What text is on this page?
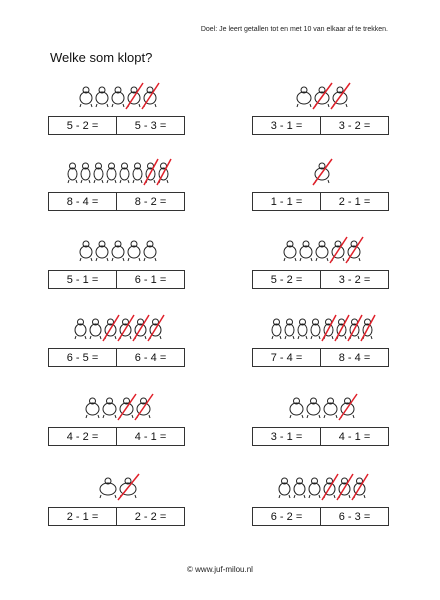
Doel: Je leert getallen tot en met 10 van elkaar af te trekken.
Welke som klopt?
5 - 2 =	5 - 3 =	3 - 1 =	3 - 2 =
8 - 4 =	8 - 2 =	1 - 1 =	2 - 1 =
5 - 1 =	6 - 1 =	5 - 2 =	3 - 2 =
6 - 5 =	6 - 4 =	7 - 4 =	8 - 4 =
4 - 2 =	4 - 1 =	3 - 1 =	4 - 1 =
2 - 1 =	2 - 2 =	6 - 2 =	6 - 3 =
© www.juf-milou.nl
